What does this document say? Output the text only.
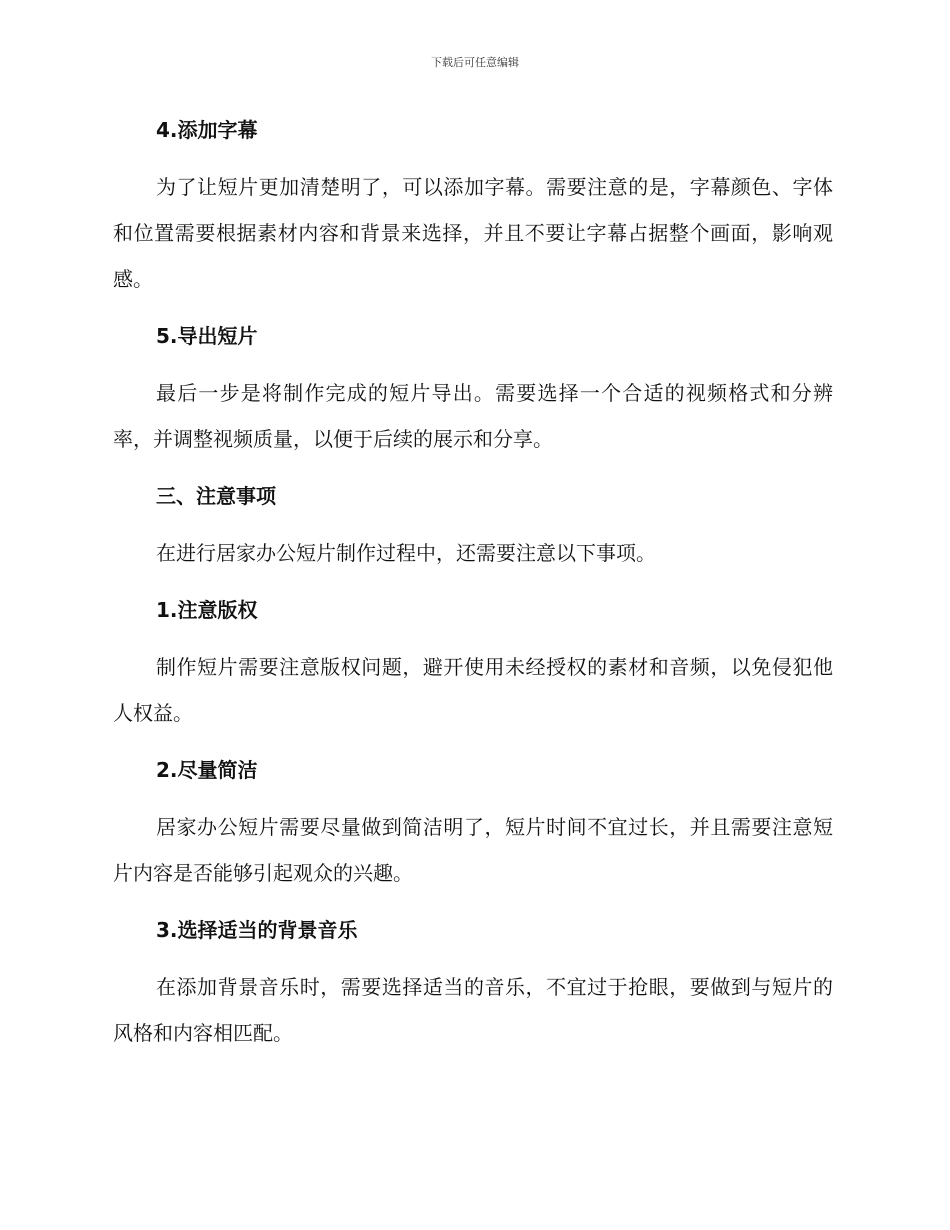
下载后可任意编辑

4.添加字幕

为了让短片更加清楚明了，可以添加字幕。需要注意的是，字幕颜色、字体和位置需要根据素材内容和背景来选择，并且不要让字幕占据整个画面，影响观感。

5.导出短片

最后一步是将制作完成的短片导出。需要选择一个合适的视频格式和分辨率，并调整视频质量，以便于后续的展示和分享。

三、注意事项

在进行居家办公短片制作过程中，还需要注意以下事项。

1.注意版权

制作短片需要注意版权问题，避开使用未经授权的素材和音频，以免侵犯他人权益。

2.尽量简洁

居家办公短片需要尽量做到简洁明了，短片时间不宜过长，并且需要注意短片内容是否能够引起观众的兴趣。

3.选择适当的背景音乐

在添加背景音乐时，需要选择适当的音乐，不宜过于抢眼，要做到与短片的风格和内容相匹配。
